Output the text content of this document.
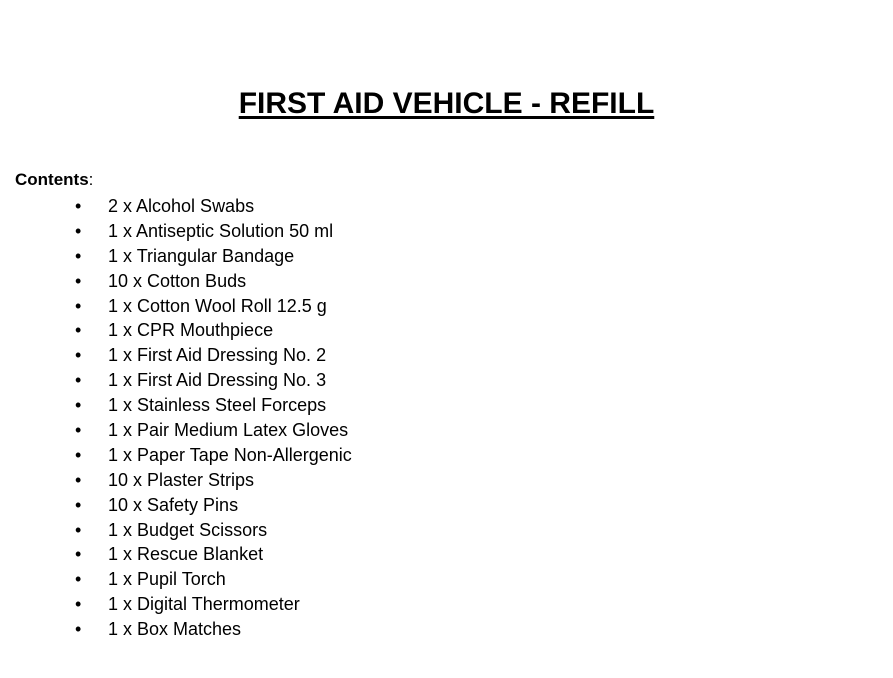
FIRST AID VEHICLE - REFILL
Contents:
• 2 x Alcohol Swabs
• 1 x Antiseptic Solution 50 ml
• 1 x Triangular Bandage
• 10 x Cotton Buds
• 1 x Cotton Wool Roll 12.5 g
• 1 x CPR Mouthpiece
• 1 x First Aid Dressing No. 2
• 1 x First Aid Dressing No. 3
• 1 x Stainless Steel Forceps
• 1 x Pair Medium Latex Gloves
• 1 x Paper Tape Non-Allergenic
• 10 x Plaster Strips
• 10 x Safety Pins
• 1 x Budget Scissors
• 1 x Rescue Blanket
• 1 x Pupil Torch
• 1 x Digital Thermometer
• 1 x Box Matches
